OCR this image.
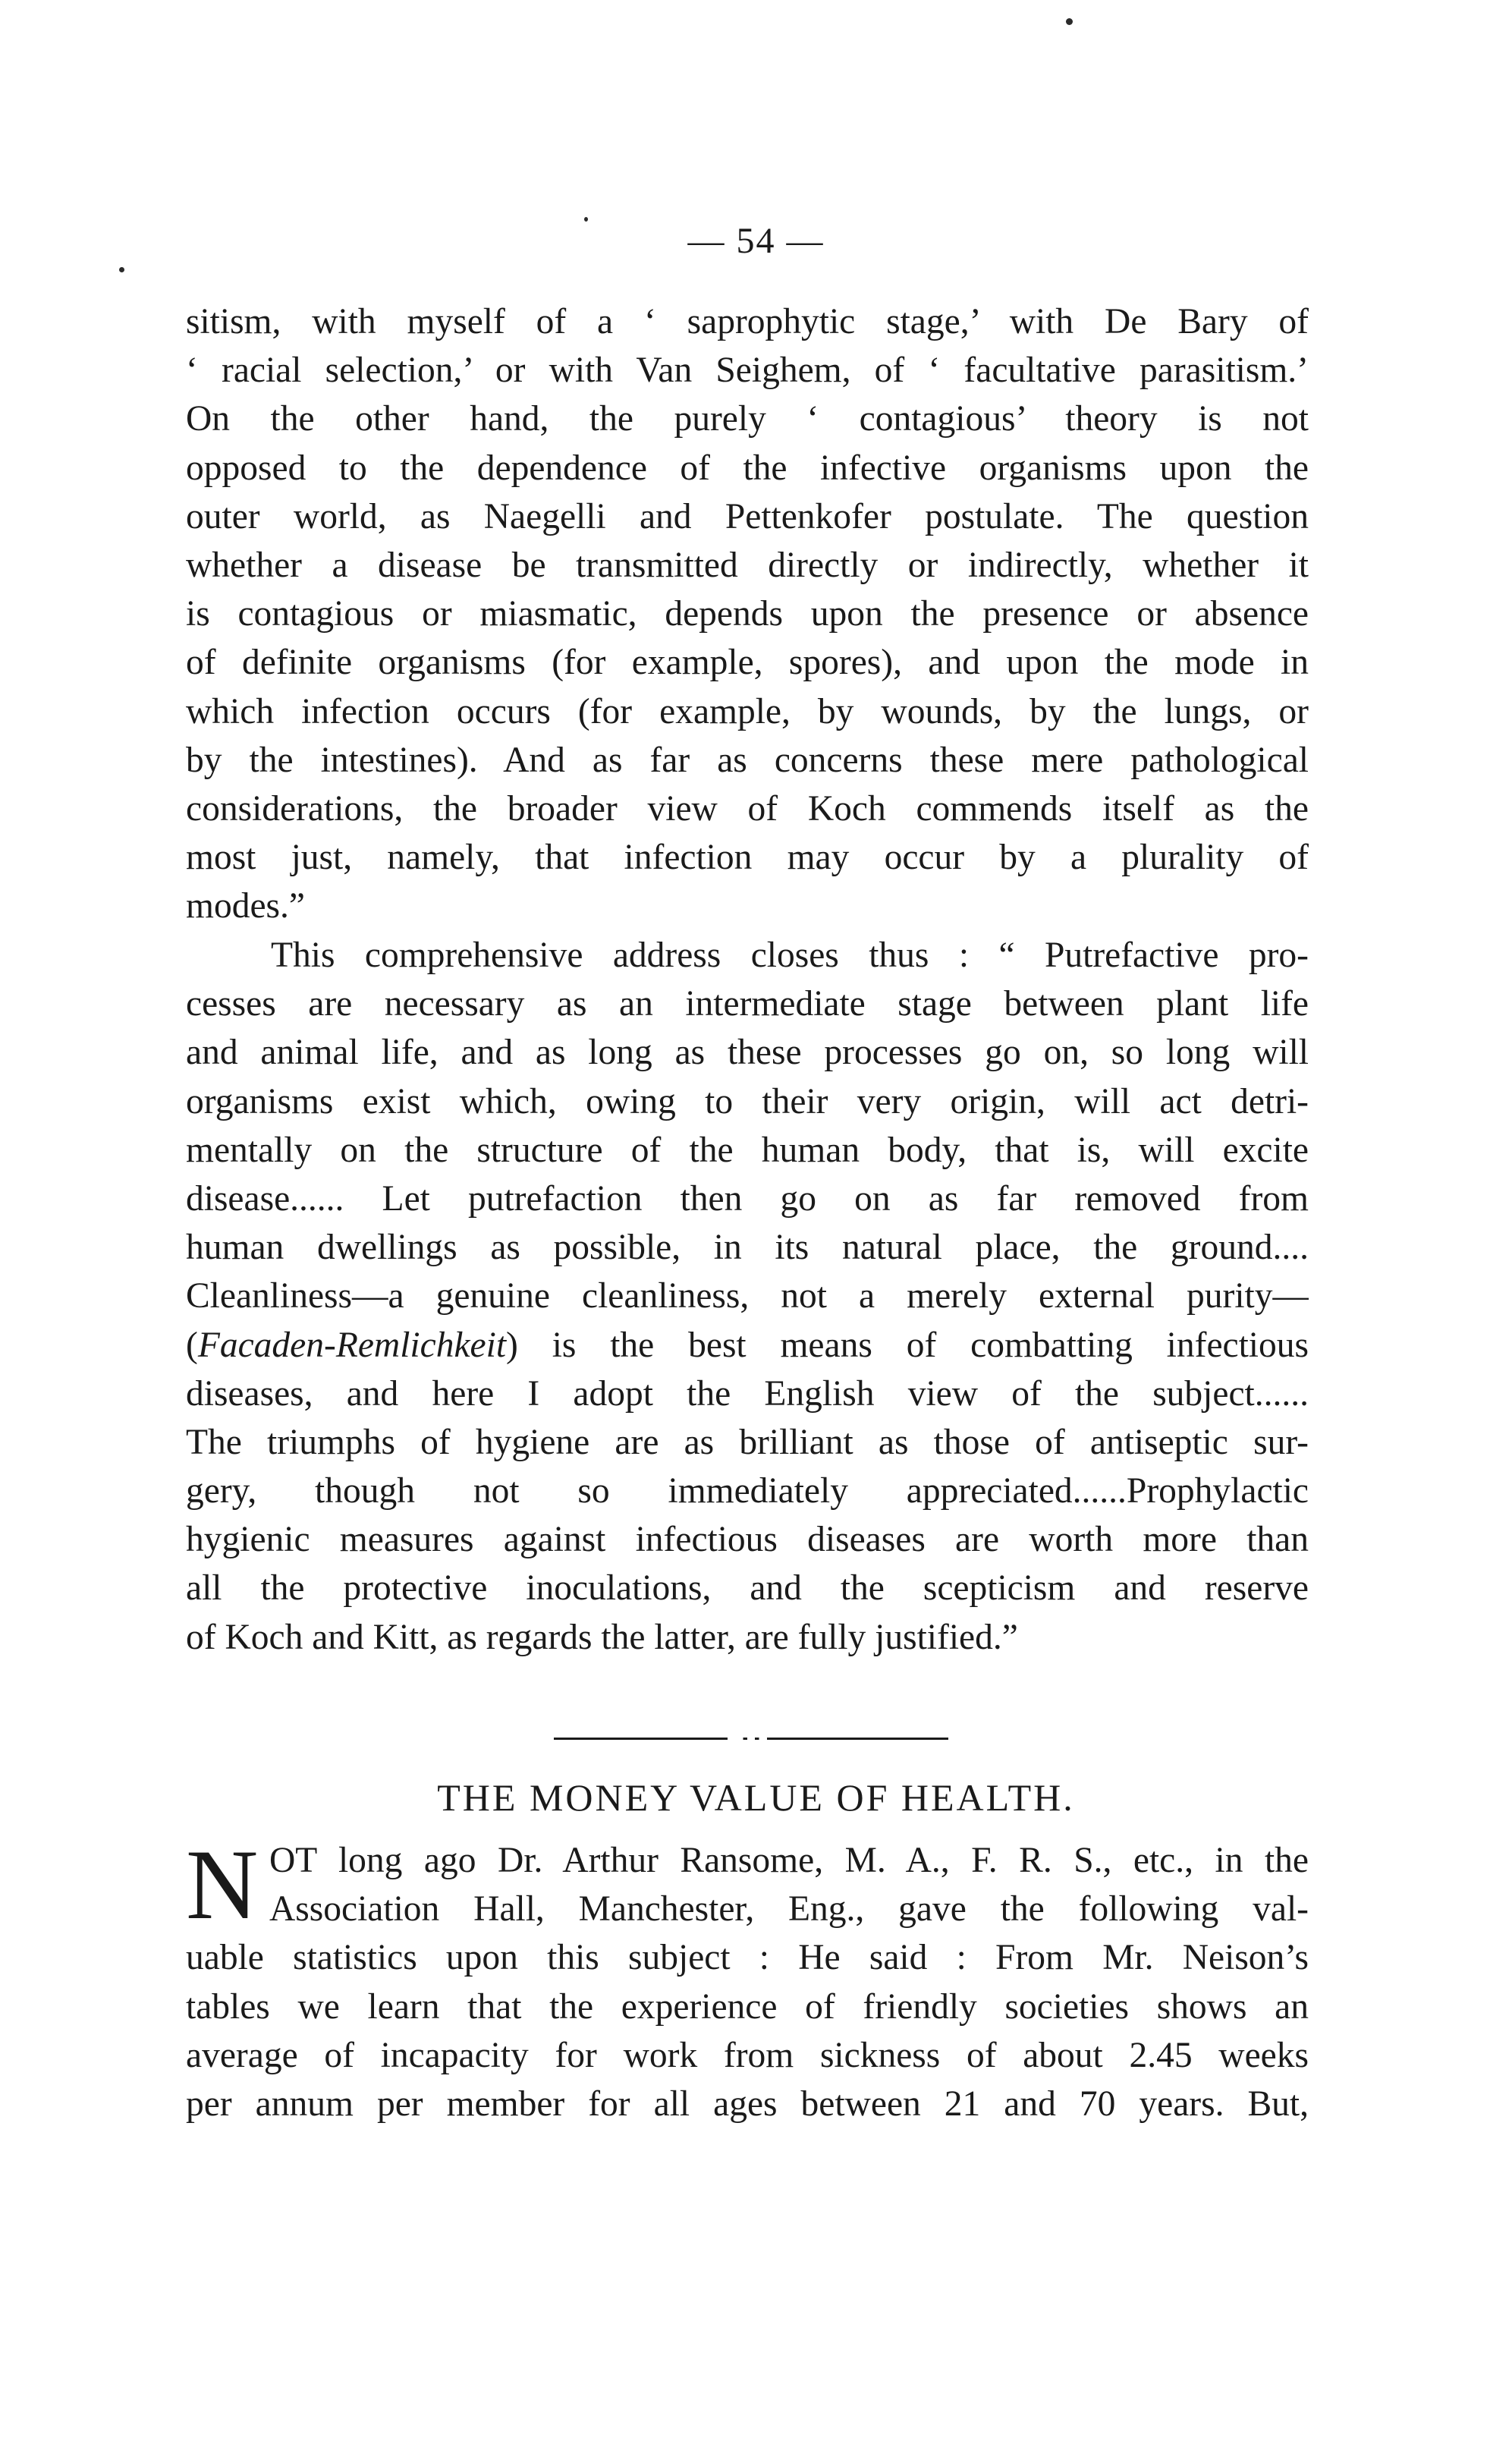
— 54 —
sitism, with myself of a ‘ saprophytic stage,’ with De Bary of
‘ racial selection,’ or with Van Seighem, of ‘ facultative parasitism.’
On the other hand, the purely ‘ contagious’ theory is not
opposed to the dependence of the infective organisms upon the
outer world, as Naegelli and Pettenkofer postulate. The question
whether a disease be transmitted directly or indirectly, whether it
is contagious or miasmatic, depends upon the presence or absence
of definite organisms (for example, spores), and upon the mode in
which infection occurs (for example, by wounds, by the lungs, or
by the intestines). And as far as concerns these mere pathological
considerations, the broader view of Koch commends itself as the
most just, namely, that infection may occur by a plurality of
modes.”
This comprehensive address closes thus : “ Putrefactive pro-
cesses are necessary as an intermediate stage between plant life
and animal life, and as long as these processes go on, so long will
organisms exist which, owing to their very origin, will act detri-
mentally on the structure of the human body, that is, will excite
disease...... Let putrefaction then go on as far removed from
human dwellings as possible, in its natural place, the ground....
Cleanliness—a genuine cleanliness, not a merely external purity—
(Facaden-Remlichkeit) is the best means of combatting infectious
diseases, and here I adopt the English view of the subject......
The triumphs of hygiene are as brilliant as those of antiseptic sur-
gery, though not so immediately appreciated......Prophylactic
hygienic measures against infectious diseases are worth more than
all the protective inoculations, and the scepticism and reserve
of Koch and Kitt, as regards the latter, are fully justified.”
THE MONEY VALUE OF HEALTH.
N OT long ago Dr. Arthur Ransome, M. A., F. R. S., etc., in the
Association Hall, Manchester, Eng., gave the following val-
uable statistics upon this subject : He said : From Mr. Neison’s
tables we learn that the experience of friendly societies shows an
average of incapacity for work from sickness of about 2.45 weeks
per annum per member for all ages between 21 and 70 years. But,
